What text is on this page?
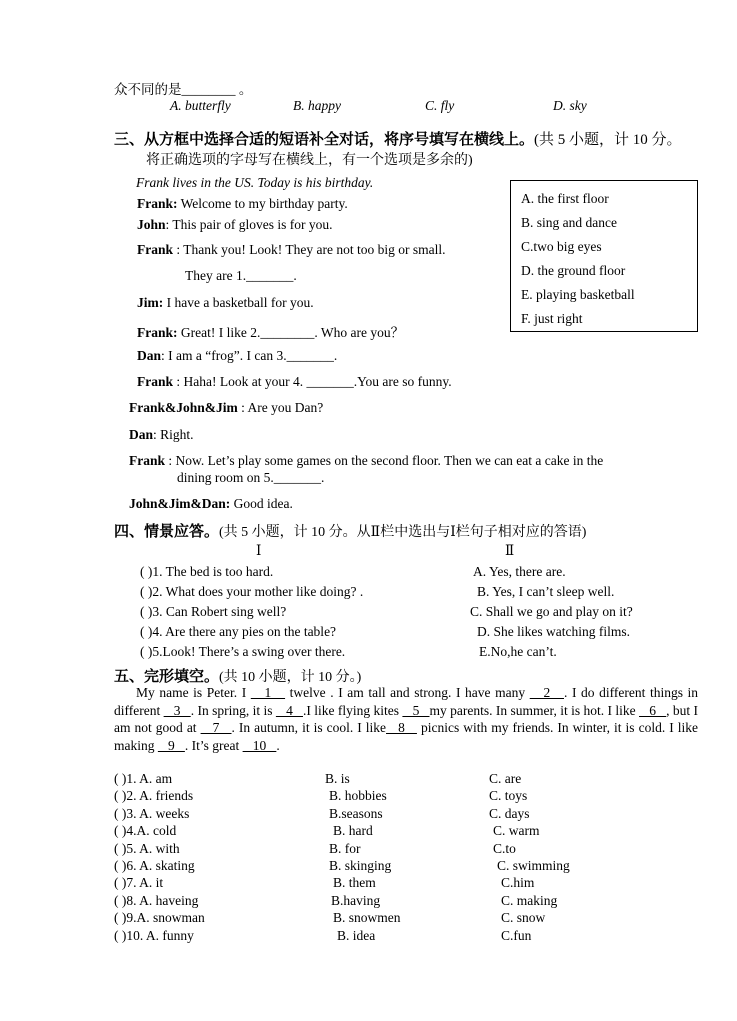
众不同的是________ 。
A. butterfly	B. happy	C. fly	D. sky
三、从方框中选择合适的短语补全对话，将序号填写在横线上。(共 5 小题，计 10 分。
将正确选项的字母写在横线上，有一个选项是多余的)
Frank lives in the US. Today is his birthday.
Frank: Welcome to my birthday party.
John: This pair of gloves is for you.
Frank : Thank you! Look! They are not too big or small.
They are 1._______.
Jim: I have a basketball for you.
Frank: Great! I like 2.________. Who are you？
Dan: I am a “frog”. I can 3._______.
Frank : Haha! Look at your 4. _______.You are so funny.
Frank&John&Jim : Are you Dan?
Dan: Right.
Frank : Now. Let’s play some games on the second floor. Then we can eat a cake in the
dining room on 5._______.
John&Jim&Dan: Good idea.
A. the first floor
B. sing and dance
C.two big eyes
D. the ground floor
E. playing basketball
F. just right
四、情景应答。(共 5 小题，计 10 分。从Ⅱ栏中选出与Ⅰ栏句子相对应的答语)
Ⅰ	Ⅱ
( )1. The bed is too hard.	A. Yes, there are.
( )2. What does your mother like doing? .	B. Yes, I can’t sleep well.
( )3. Can Robert sing well?	C. Shall we go and play on it?
( )4. Are there any pies on the table?	D. She likes watching films.
( )5.Look! There’s a swing over there.	E.No,he can’t.
五、完形填空。(共 10 小题，计 10 分。)
My name is Peter. I    1    twelve . I am tall and strong. I have many    2   . I do different things in different    3   . In spring, it is    4   .I like flying kites    5   my parents. In summer, it is hot. I like    6   , but I am not good at    7   . In autumn, it is cool. I like   8    picnics with my friends. In winter, it is cold. I like making    9   . It’s great    10   .
( )1. A. am	B. is	C. are
( )2. A. friends	B. hobbies	C. toys
( )3. A. weeks	B.seasons	C. days
( )4.A. cold	B. hard	C. warm
( )5. A. with	B. for	C.to
( )6. A. skating	B. skinging	C. swimming
( )7. A. it	B. them	C.him
( )8. A. haveing	B.having	C. making
( )9.A. snowman	B. snowmen	C. snow
( )10. A. funny	B. idea	C.fun
